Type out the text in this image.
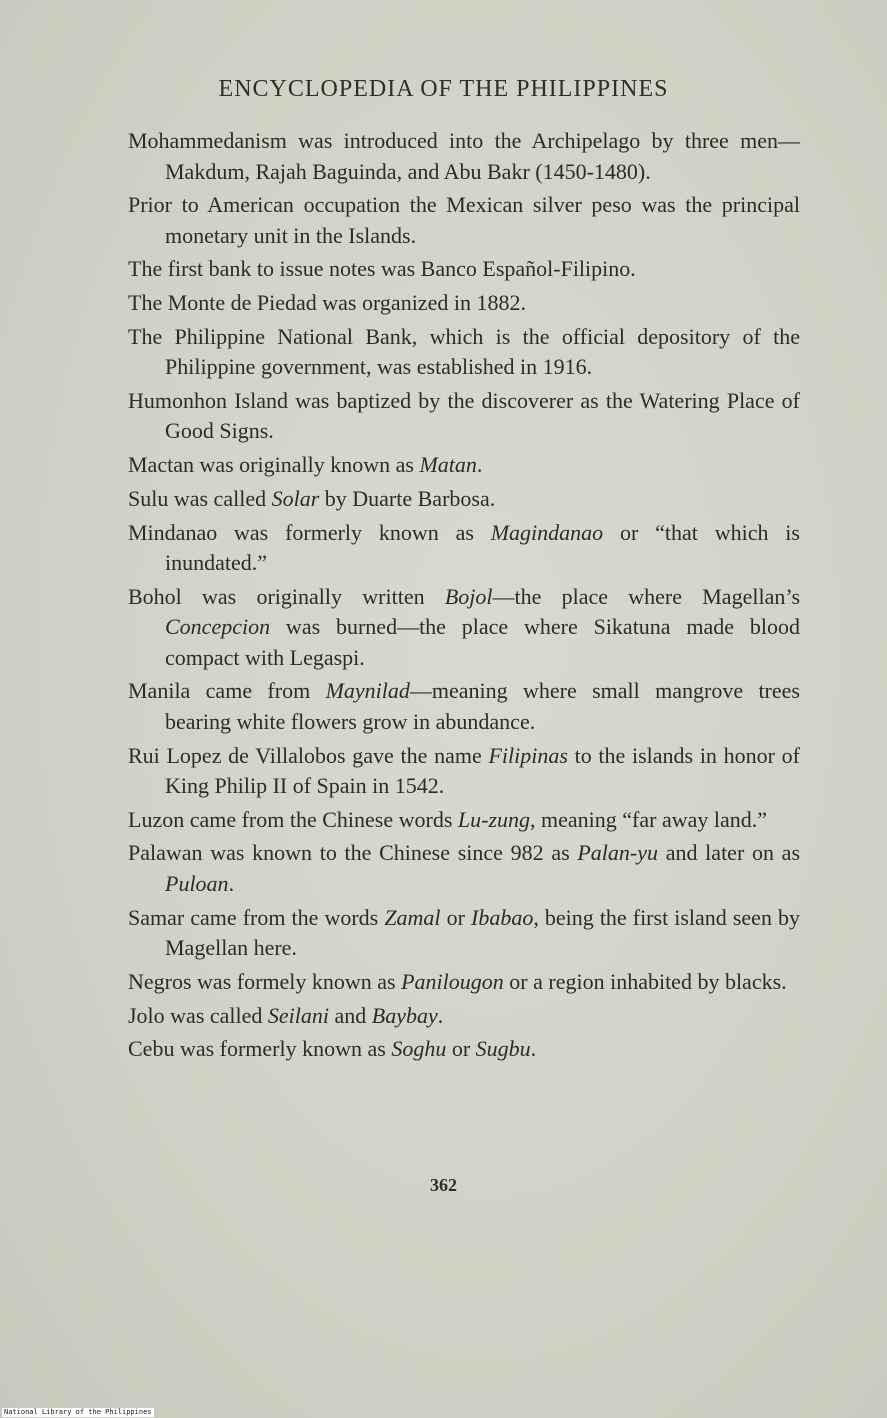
ENCYCLOPEDIA OF THE PHILIPPINES
Mohammedanism was introduced into the Archipelago by three men—Makdum, Rajah Baguinda, and Abu Bakr (1450-1480).
Prior to American occupation the Mexican silver peso was the principal monetary unit in the Islands.
The first bank to issue notes was Banco Español-Filipino.
The Monte de Piedad was organized in 1882.
The Philippine National Bank, which is the official depository of the Philippine government, was established in 1916.
Humonhon Island was baptized by the discoverer as the Watering Place of Good Signs.
Mactan was originally known as Matan.
Sulu was called Solar by Duarte Barbosa.
Mindanao was formerly known as Magindanao or “that which is inundated.”
Bohol was originally written Bojol—the place where Magellan’s Concepcion was burned—the place where Sikatuna made blood compact with Legaspi.
Manila came from Maynilad—meaning where small mangrove trees bearing white flowers grow in abundance.
Rui Lopez de Villalobos gave the name Filipinas to the islands in honor of King Philip II of Spain in 1542.
Luzon came from the Chinese words Lu-zung, meaning “far away land.”
Palawan was known to the Chinese since 982 as Palan-yu and later on as Puloan.
Samar came from the words Zamal or Ibabao, being the first island seen by Magellan here.
Negros was formely known as Panilougon or a region inhabited by blacks.
Jolo was called Seilani and Baybay.
Cebu was formerly known as Soghu or Sugbu.
362
National Library of the Philippines
